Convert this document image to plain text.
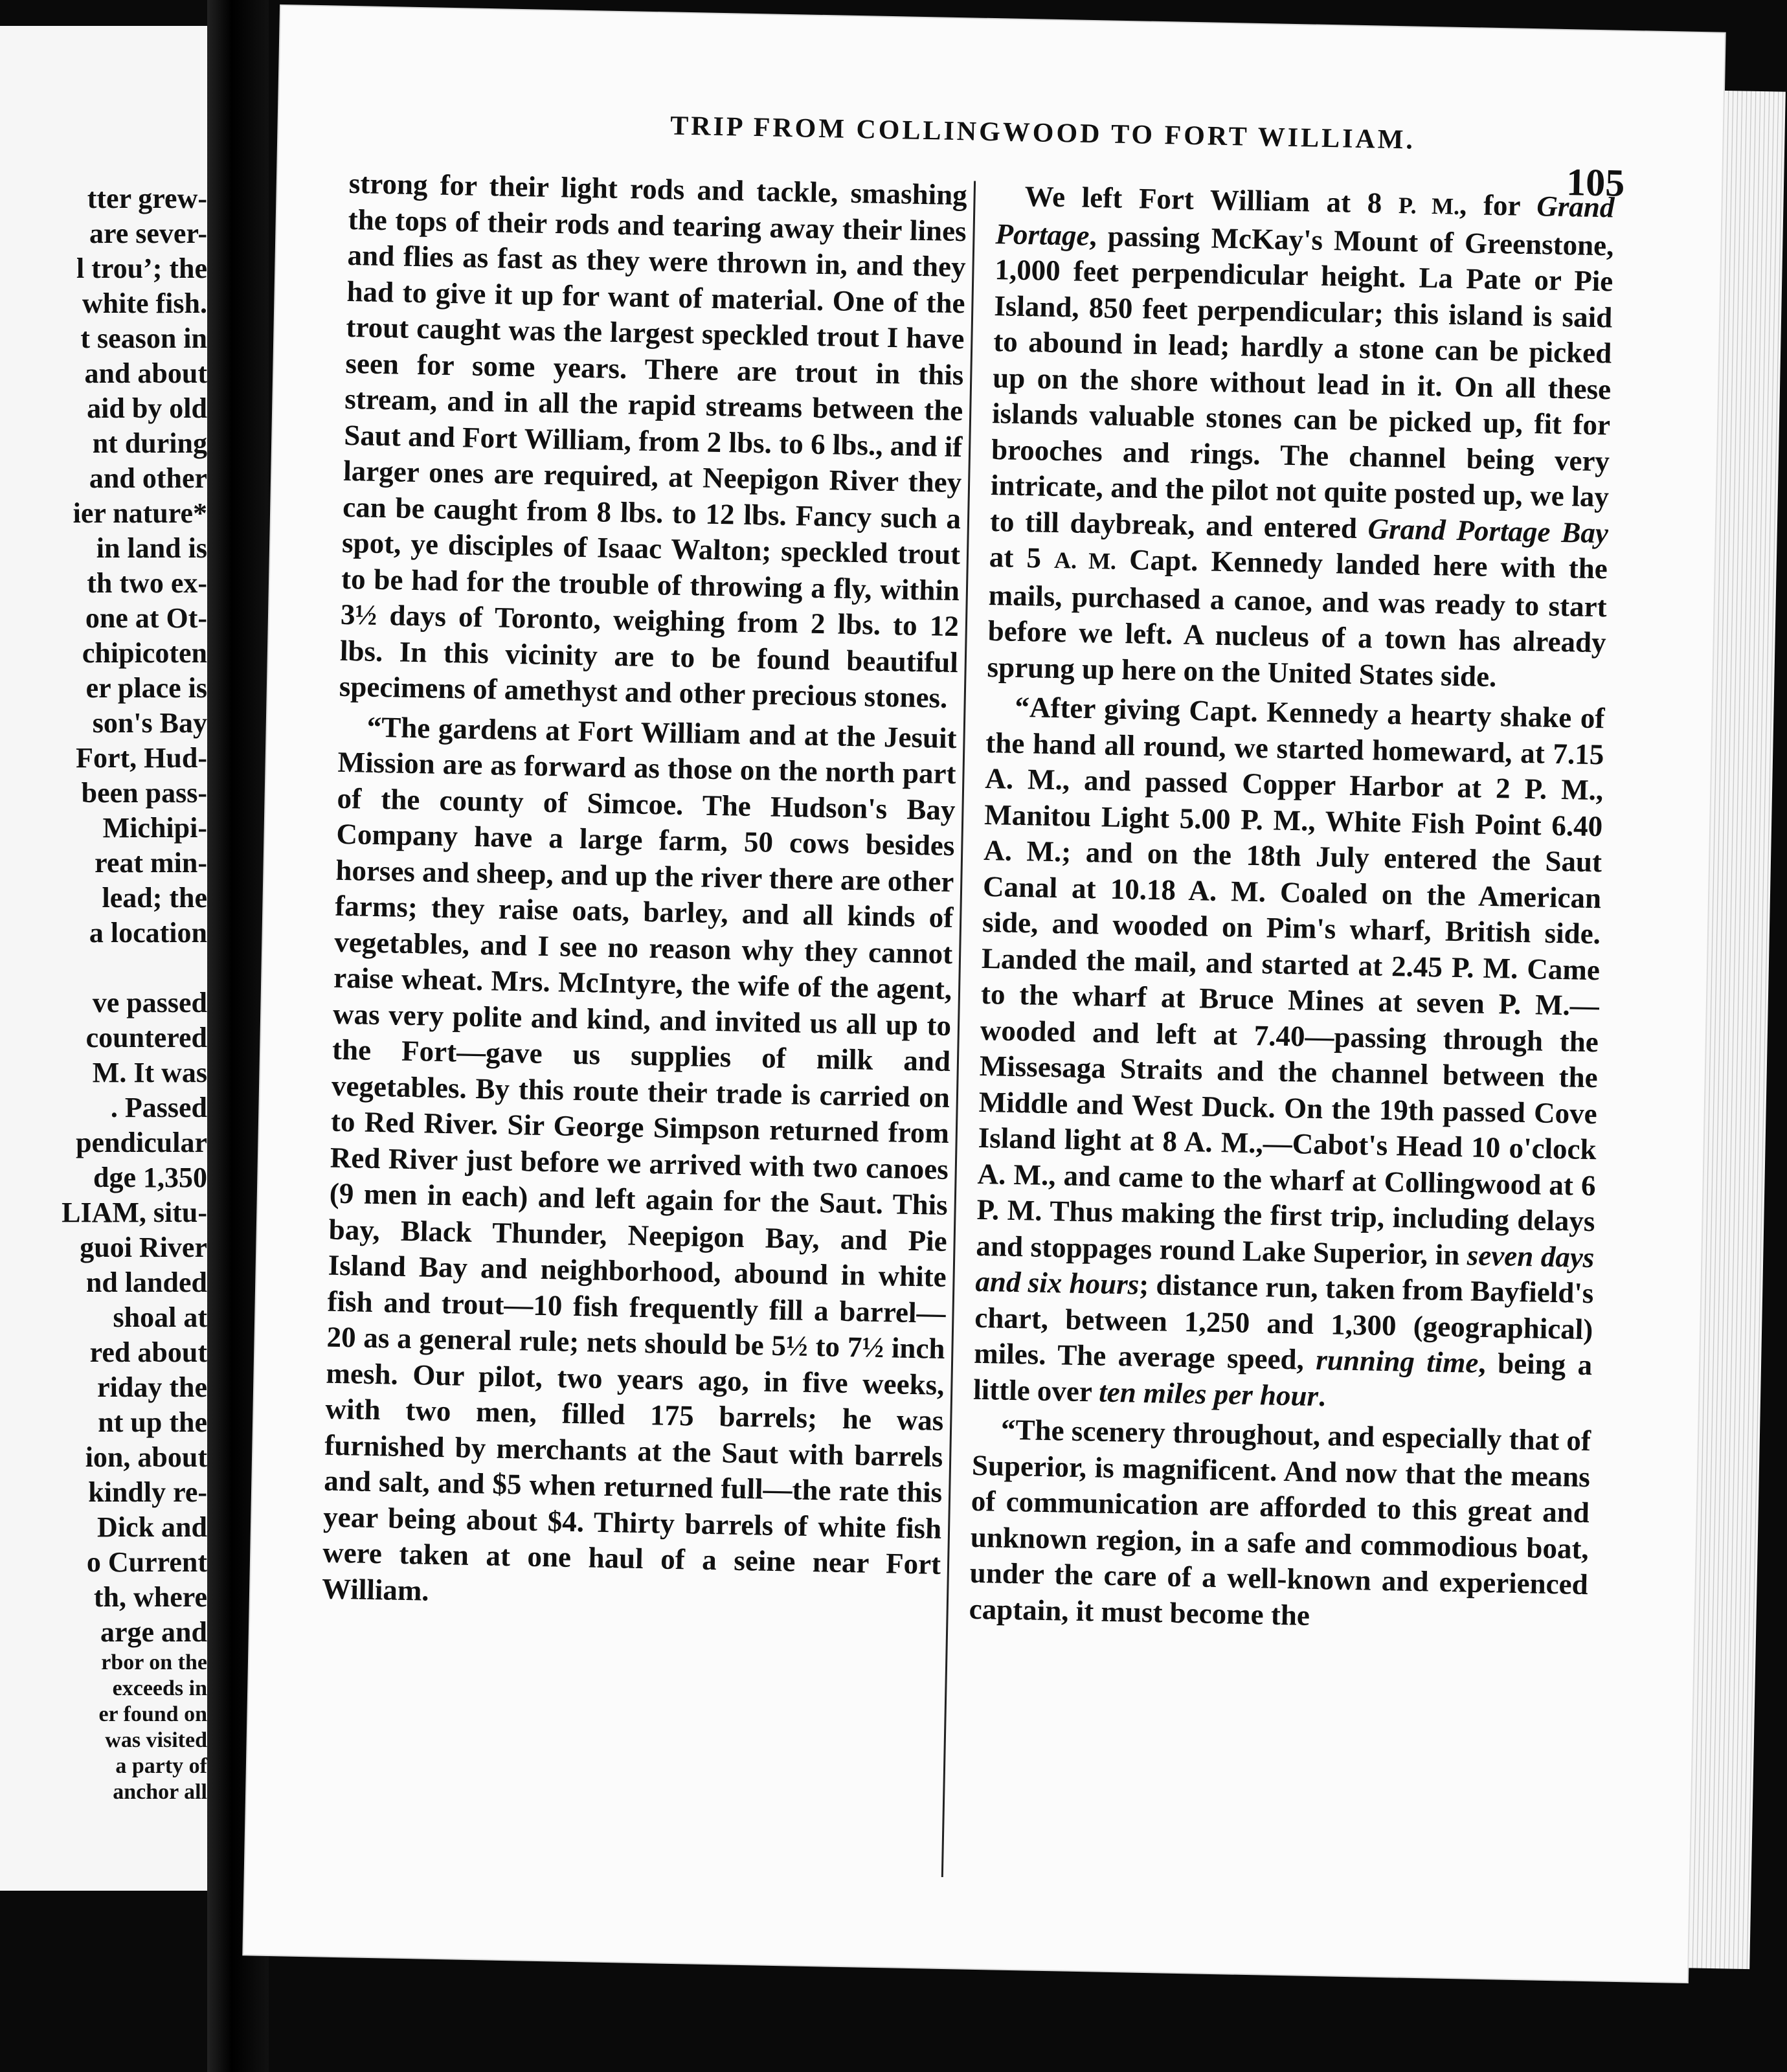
tter grew-
are sever-
l trou’; the
white fish.
t season in
and about
aid by old
nt during
and other
ier nature*
in land is
th two ex-
one at Ot-
chipicoten
er place is
son's Bay
Fort, Hud-
been pass-
Michipi-
reat min-
lead; the
a location

ve passed
countered
M. It was
. Passed
pendicular
dge 1,350
LIAM, situ-
guoi River
nd landed
shoal at
red about
riday the
nt up the
ion, about
kindly re-
Dick and
o Current
th, where
arge and
rbor on the
exceeds in
er found on
was visited
a party of
anchor all
TRIP FROM COLLINGWOOD TO FORT WILLIAM.
105

strong for their light rods and tackle, smashing the tops of their rods and tearing away their lines and flies as fast as they were thrown in, and they had to give it up for want of material. One of the trout caught was the largest speckled trout I have seen for some years. There are trout in this stream, and in all the rapid streams between the Saut and Fort William, from 2 lbs. to 6 lbs., and if larger ones are required, at Neepigon River they can be caught from 8 lbs. to 12 lbs. Fancy such a spot, ye disciples of Isaac Walton; speckled trout to be had for the trouble of throwing a fly, within 3½ days of Toronto, weighing from 2 lbs. to 12 lbs. In this vicinity are to be found beautiful specimens of amethyst and other precious stones.

“The gardens at Fort William and at the Jesuit Mission are as forward as those on the north part of the county of Simcoe. The Hudson's Bay Company have a large farm, 50 cows besides horses and sheep, and up the river there are other farms; they raise oats, barley, and all kinds of vegetables, and I see no reason why they cannot raise wheat. Mrs. McIntyre, the wife of the agent, was very polite and kind, and invited us all up to the Fort—gave us supplies of milk and vegetables. By this route their trade is carried on to Red River. Sir George Simpson returned from Red River just before we arrived with two canoes (9 men in each) and left again for the Saut. This bay, Black Thunder, Neepigon Bay, and Pie Island Bay and neighborhood, abound in white fish and trout—10 fish frequently fill a barrel—20 as a general rule; nets should be 5½ to 7½ inch mesh. Our pilot, two years ago, in five weeks, with two men, filled 175 barrels; he was furnished by merchants at the Saut with barrels and salt, and $5 when returned full—the rate this year being about $4. Thirty barrels of white fish were taken at one haul of a seine near Fort William.

We left Fort William at 8 P. M., for Grand Portage, passing McKay's Mount of Greenstone, 1,000 feet perpendicular height. La Pate or Pie Island, 850 feet perpendicular; this island is said to abound in lead; hardly a stone can be picked up on the shore without lead in it. On all these islands valuable stones can be picked up, fit for brooches and rings. The channel being very intricate, and the pilot not quite posted up, we lay to till daybreak, and entered Grand Portage Bay at 5 A. M. Capt. Kennedy landed here with the mails, purchased a canoe, and was ready to start before we left. A nucleus of a town has already sprung up here on the United States side.

“After giving Capt. Kennedy a hearty shake of the hand all round, we started homeward, at 7.15 A. M., and passed Copper Harbor at 2 P. M., Manitou Light 5.00 P. M., White Fish Point 6.40 A. M.; and on the 18th July entered the Saut Canal at 10.18 A. M. Coaled on the American side, and wooded on Pim's wharf, British side. Landed the mail, and started at 2.45 P. M. Came to the wharf at Bruce Mines at seven P. M.—wooded and left at 7.40—passing through the Missesaga Straits and the channel between the Middle and West Duck. On the 19th passed Cove Island light at 8 A. M.,—Cabot's Head 10 o'clock A. M., and came to the wharf at Collingwood at 6 P. M. Thus making the first trip, including delays and stoppages round Lake Superior, in seven days and six hours; distance run, taken from Bayfield's chart, between 1,250 and 1,300 (geographical) miles. The average speed, running time, being a little over ten miles per hour.

“The scenery throughout, and especially that of Superior, is magnificent. And now that the means of communication are afforded to this great and unknown region, in a safe and commodious boat, under the care of a well-known and experienced captain, it must become the
